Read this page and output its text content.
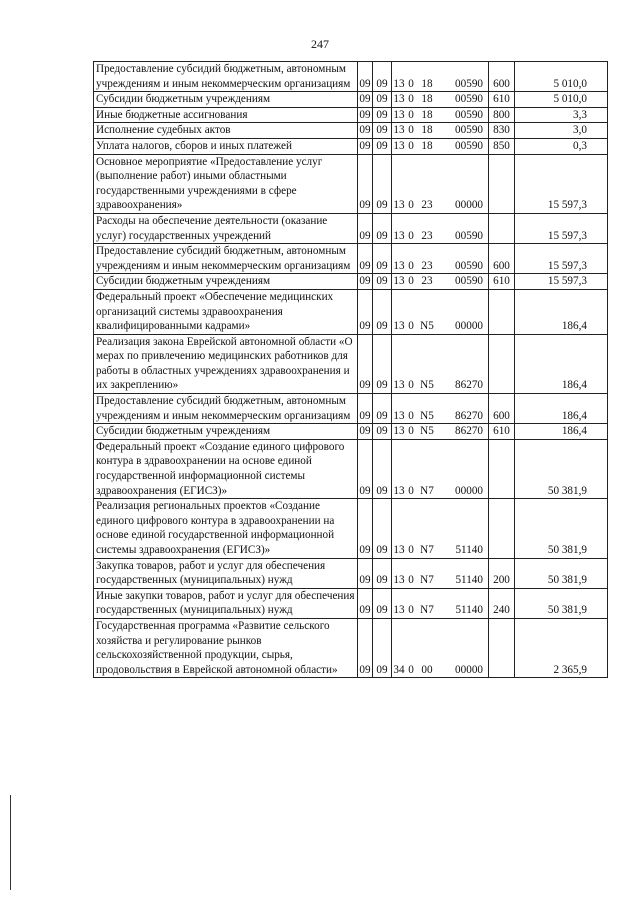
247
Предоставление субсидий бюджетным, автономным учреждениям и иным некоммерческим организациям	09	09	13 0 18 00590	600	5 010,0
Субсидии бюджетным учреждениям	09	09	13 0 18 00590	610	5 010,0
Иные бюджетные ассигнования	09	09	13 0 18 00590	800	3,3
Исполнение судебных актов	09	09	13 0 18 00590	830	3,0
Уплата налогов, сборов и иных платежей	09	09	13 0 18 00590	850	0,3
Основное мероприятие «Предоставление услуг (выполнение работ) иными областными государственными учреждениями в сфере здравоохранения»	09	09	13 0 23 00000		15 597,3
Расходы на обеспечение деятельности (оказание услуг) государственных учреждений	09	09	13 0 23 00590		15 597,3
Предоставление субсидий бюджетным, автономным учреждениям и иным некоммерческим организациям	09	09	13 0 23 00590	600	15 597,3
Субсидии бюджетным учреждениям	09	09	13 0 23 00590	610	15 597,3
Федеральный проект «Обеспечение медицинских организаций системы здравоохранения квалифицированными кадрами»	09	09	13 0 N5 00000		186,4
Реализация закона Еврейской автономной области «О мерах по привлечению медицинских работников для работы в областных учреждениях здравоохранения и их закреплению»	09	09	13 0 N5 86270		186,4
Предоставление субсидий бюджетным, автономным учреждениям и иным некоммерческим организациям	09	09	13 0 N5 86270	600	186,4
Субсидии бюджетным учреждениям	09	09	13 0 N5 86270	610	186,4
Федеральный проект «Создание единого цифрового контура в здравоохранении на основе единой государственной информационной системы здравоохранения (ЕГИСЗ)»	09	09	13 0 N7 00000		50 381,9
Реализация региональных проектов «Создание единого цифрового контура в здравоохранении на основе единой государственной информационной системы здравоохранения (ЕГИСЗ)»	09	09	13 0 N7 51140		50 381,9
Закупка товаров, работ и услуг для обеспечения государственных (муниципальных) нужд	09	09	13 0 N7 51140	200	50 381,9
Иные закупки товаров, работ и услуг для обеспечения государственных (муниципальных) нужд	09	09	13 0 N7 51140	240	50 381,9
Государственная программа «Развитие сельского хозяйства и регулирование рынков сельскохозяйственной продукции, сырья, продовольствия в Еврейской автономной области»	09	09	34 0 00 00000		2 365,9
